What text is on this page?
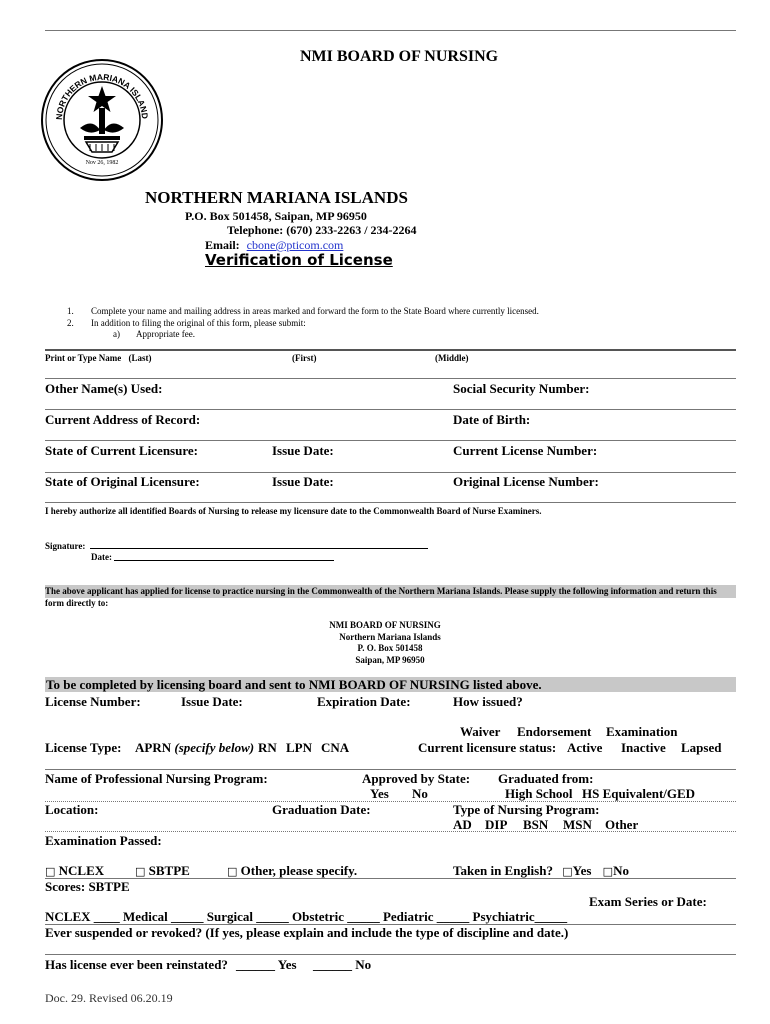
NORTHERN MARIANA ISLAND
Nov 26, 1982
NMI BOARD OF NURSING
NORTHERN MARIANA ISLANDS
P.O. Box 501458, Saipan, MP 96950
Telephone: (670) 233-2263 / 234-2264
Email: cbone@pticom.com
Verification of License
1. Complete your name and mailing address in areas marked and forward the form to the State Board where currently licensed.
2. In addition to filing the original of this form, please submit:
a) Appropriate fee.
Print or Type Name (Last)	(First)	(Middle)
Other Name(s) Used:	Social Security Number:
Current Address of Record:	Date of Birth:
State of Current Licensure:	Issue Date:	Current License Number:
State of Original Licensure:	Issue Date:	Original License Number:
I hereby authorize all identified Boards of Nursing to release my licensure date to the Commonwealth Board of Nurse Examiners.
Signature:
Date:
The above applicant has applied for license to practice nursing in the Commonwealth of the Northern Mariana Islands. Please supply the following information and return this form directly to:
NMI BOARD OF NURSING
Northern Mariana Islands
P. O. Box 501458
Saipan, MP 96950
To be completed by licensing board and sent to NMI BOARD OF NURSING listed above.
License Number:	Issue Date:	Expiration Date:	How issued?
Waiver Endorsement Examination
License Type: APRN (specify below) RN LPN CNA	Current licensure status: Active Inactive Lapsed
Name of Professional Nursing Program:	Approved by State:
Yes No
Graduated from:
High School HS Equivalent/GED
Location:	Graduation Date:	Type of Nursing Program:
AD DIP BSN MSN Other
Examination Passed:
□ NCLEX	□ SBTPE	□ Other, please specify.	Taken in English? □Yes □No
Scores: SBTPE
Exam Series or Date:
NCLEX ____ Medical _____ Surgical _____ Obstetric _____ Pediatric _____ Psychiatric_____
Ever suspended or revoked? (If yes, please explain and include the type of discipline and date.)
Has license ever been reinstated? ______ Yes ______ No
Doc. 29. Revised 06.20.19
